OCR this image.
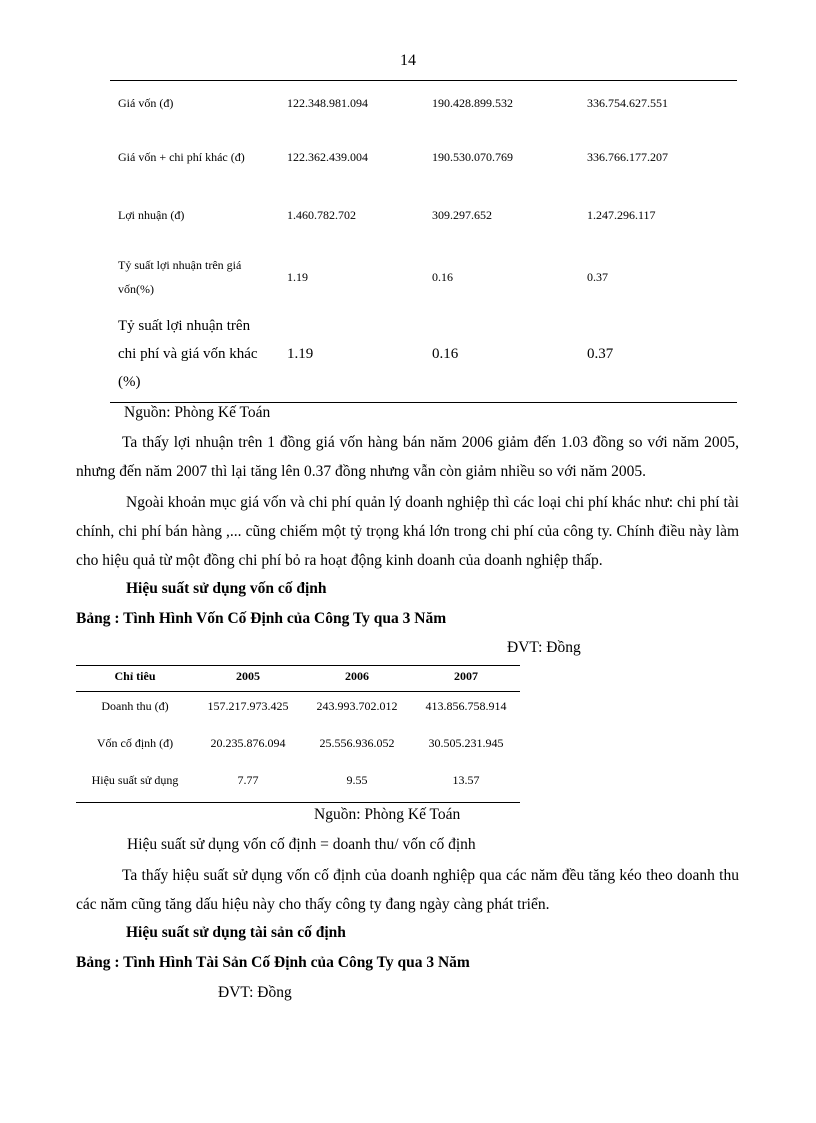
14
Giá vốn (đ)	122.348.981.094	190.428.899.532	336.754.627.551
Giá vốn + chi phí khác (đ)	122.362.439.004	190.530.070.769	336.766.177.207
Lợi nhuận (đ)	1.460.782.702	309.297.652	1.247.296.117
Tỷ suất lợi nhuận trên giá
vốn(%)
1.19	0.16	0.37
Tỷ suất lợi nhuận trên
chi phí và giá vốn khác
(%)
1.19	0.16	0.37
Nguồn: Phòng Kế Toán
Ta thấy lợi nhuận trên 1 đồng giá vốn hàng bán năm 2006 giảm đến 1.03 đồng so với năm 2005, nhưng đến năm 2007 thì lại tăng lên 0.37 đồng nhưng vẫn còn giảm nhiều so với năm 2005.
Ngoài khoản mục giá vốn và chi phí quản lý doanh nghiệp thì các loại chi phí khác như: chi phí tài chính, chi phí bán hàng ,... cũng chiếm một tỷ trọng khá lớn trong chi phí của công ty. Chính điều này làm cho hiệu quả từ một đồng chi phí bỏ ra hoạt động kinh doanh của doanh nghiệp thấp.
Hiệu suất sử dụng vốn cố định
Bảng : Tình Hình Vốn Cố Định của Công Ty qua 3 Năm
ĐVT: Đồng
Chỉ tiêu	2005	2006	2007
Doanh thu (đ)	157.217.973.425	243.993.702.012	413.856.758.914
Vốn cố định (đ)	20.235.876.094	25.556.936.052	30.505.231.945
Hiệu suất sử dụng	7.77	9.55	13.57
Nguồn: Phòng Kế Toán
Hiệu suất sử dụng vốn cố định = doanh thu/ vốn cố định
Ta thấy hiệu suất sử dụng vốn cố định của doanh nghiệp qua các năm đều tăng kéo theo doanh thu các năm cũng tăng dấu hiệu này cho thấy công ty đang ngày càng phát triển.
Hiệu suất sử dụng tài sản cố định
Bảng : Tình Hình Tài Sản Cố Định của Công Ty qua 3 Năm
ĐVT: Đồng
